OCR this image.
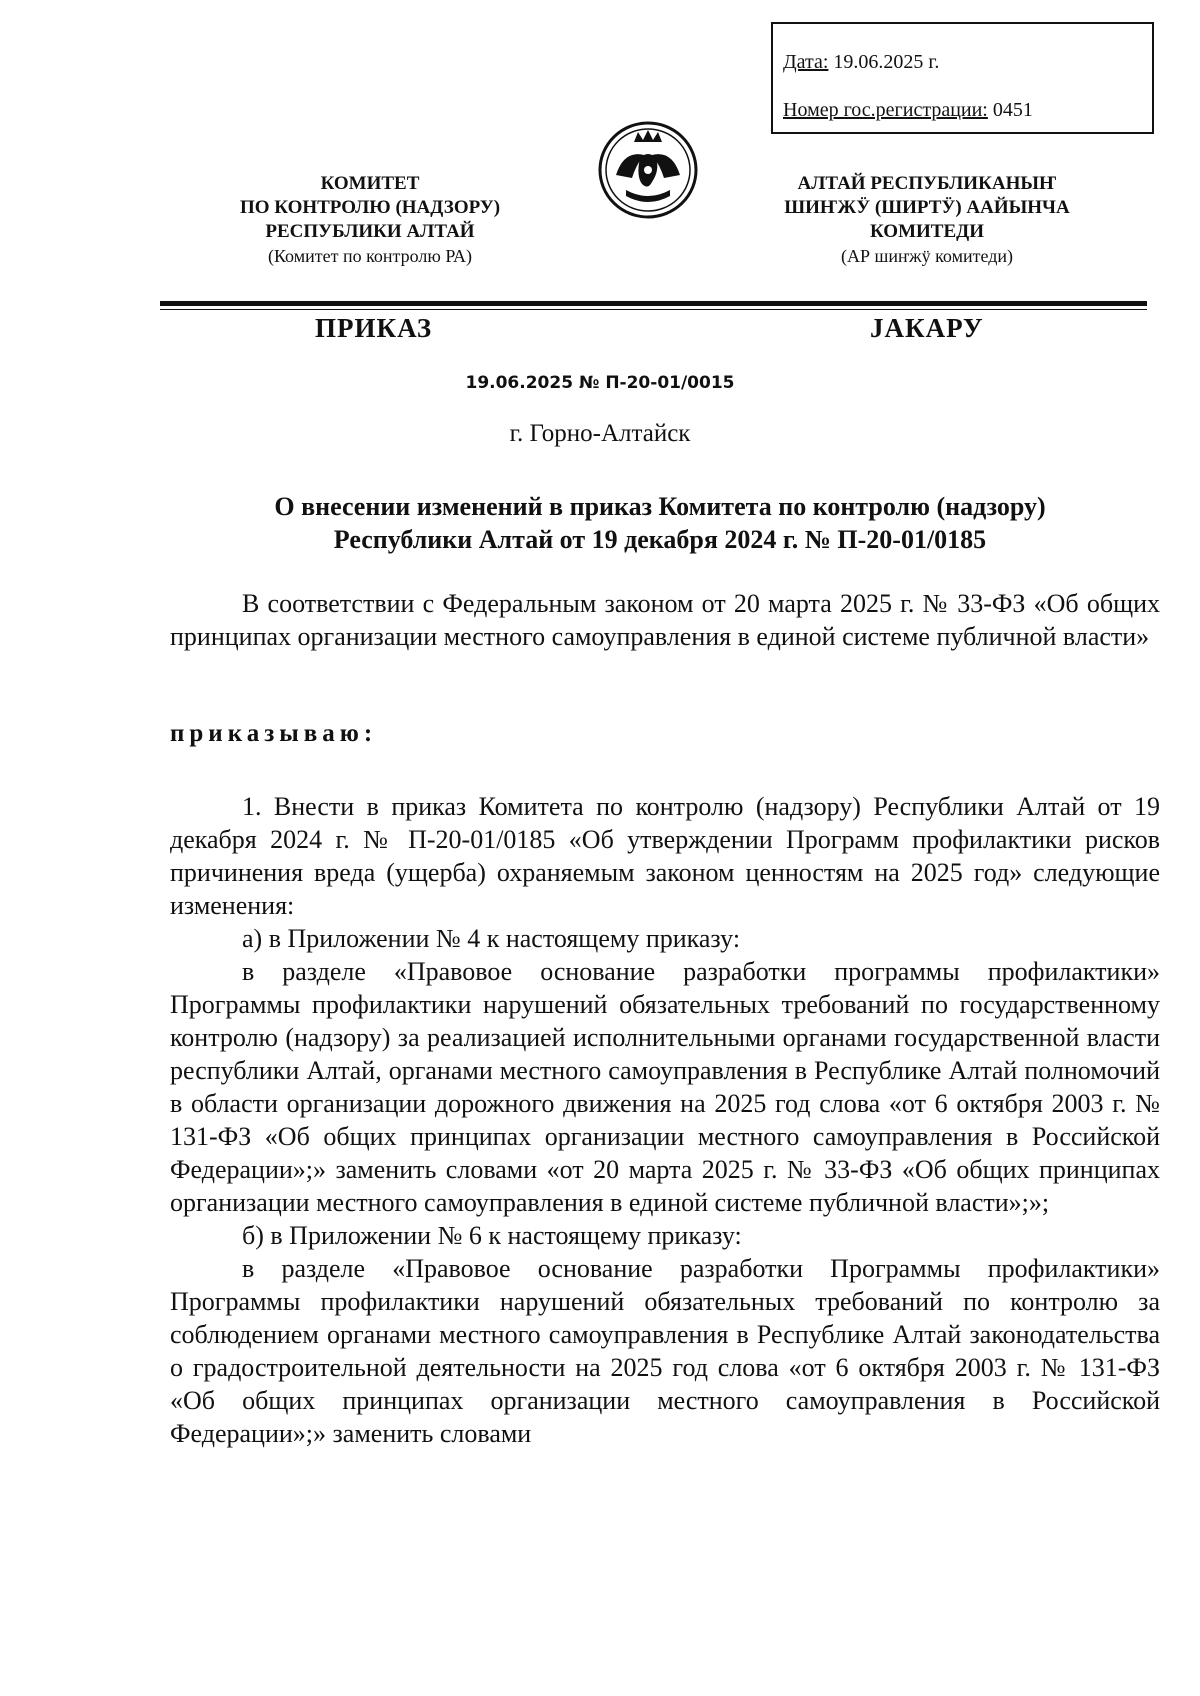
Дата: 19.06.2025 г.
Номер гос.регистрации: 0451
КОМИТЕТ
ПО КОНТРОЛЮ (НАДЗОРУ)
РЕСПУБЛИКИ АЛТАЙ
(Комитет по контролю РА)
АЛТАЙ РЕСПУБЛИКАНЫҤ
ШИҤЖӰ (ШИРТӰ) ААЙЫНЧА
КОМИТЕДИ
(АР шиҥжӱ комитеди)
ПРИКАЗ	ЈАКАРУ
19.06.2025 № П-20-01/0015
г. Горно-Алтайск
О внесении изменений в приказ Комитета по контролю (надзору)
Республики Алтай от 19 декабря 2024 г. № П-20-01/0185

В соответствии с Федеральным законом от 20 марта 2025 г. № 33-ФЗ «Об общих принципах организации местного самоуправления в единой системе публичной власти»

приказываю:

1. Внести в приказ Комитета по контролю (надзору) Республики Алтай от 19 декабря 2024 г. № П-20-01/0185 «Об утверждении Программ профилактики рисков причинения вреда (ущерба) охраняемым законом ценностям на 2025 год» следующие изменения:

а) в Приложении № 4 к настоящему приказу:

в разделе «Правовое основание разработки программы профилактики» Программы профилактики нарушений обязательных требований по государственному контролю (надзору) за реализацией исполнительными органами государственной власти республики Алтай, органами местного самоуправления в Республике Алтай полномочий в области организации дорожного движения на 2025 год слова «от 6 октября 2003 г. № 131-ФЗ «Об общих принципах организации местного самоуправления в Российской Федерации»;» заменить словами «от 20 марта 2025 г. № 33-ФЗ «Об общих принципах организации местного самоуправления в единой системе публичной власти»;»;

б) в Приложении № 6 к настоящему приказу:

в разделе «Правовое основание разработки Программы профилактики» Программы профилактики нарушений обязательных требований по контролю за соблюдением органами местного самоуправления в Республике Алтай законодательства о градостроительной деятельности на 2025 год слова «от 6 октября 2003 г. № 131-ФЗ «Об общих принципах организации местного самоуправления в Российской Федерации»;» заменить словами
